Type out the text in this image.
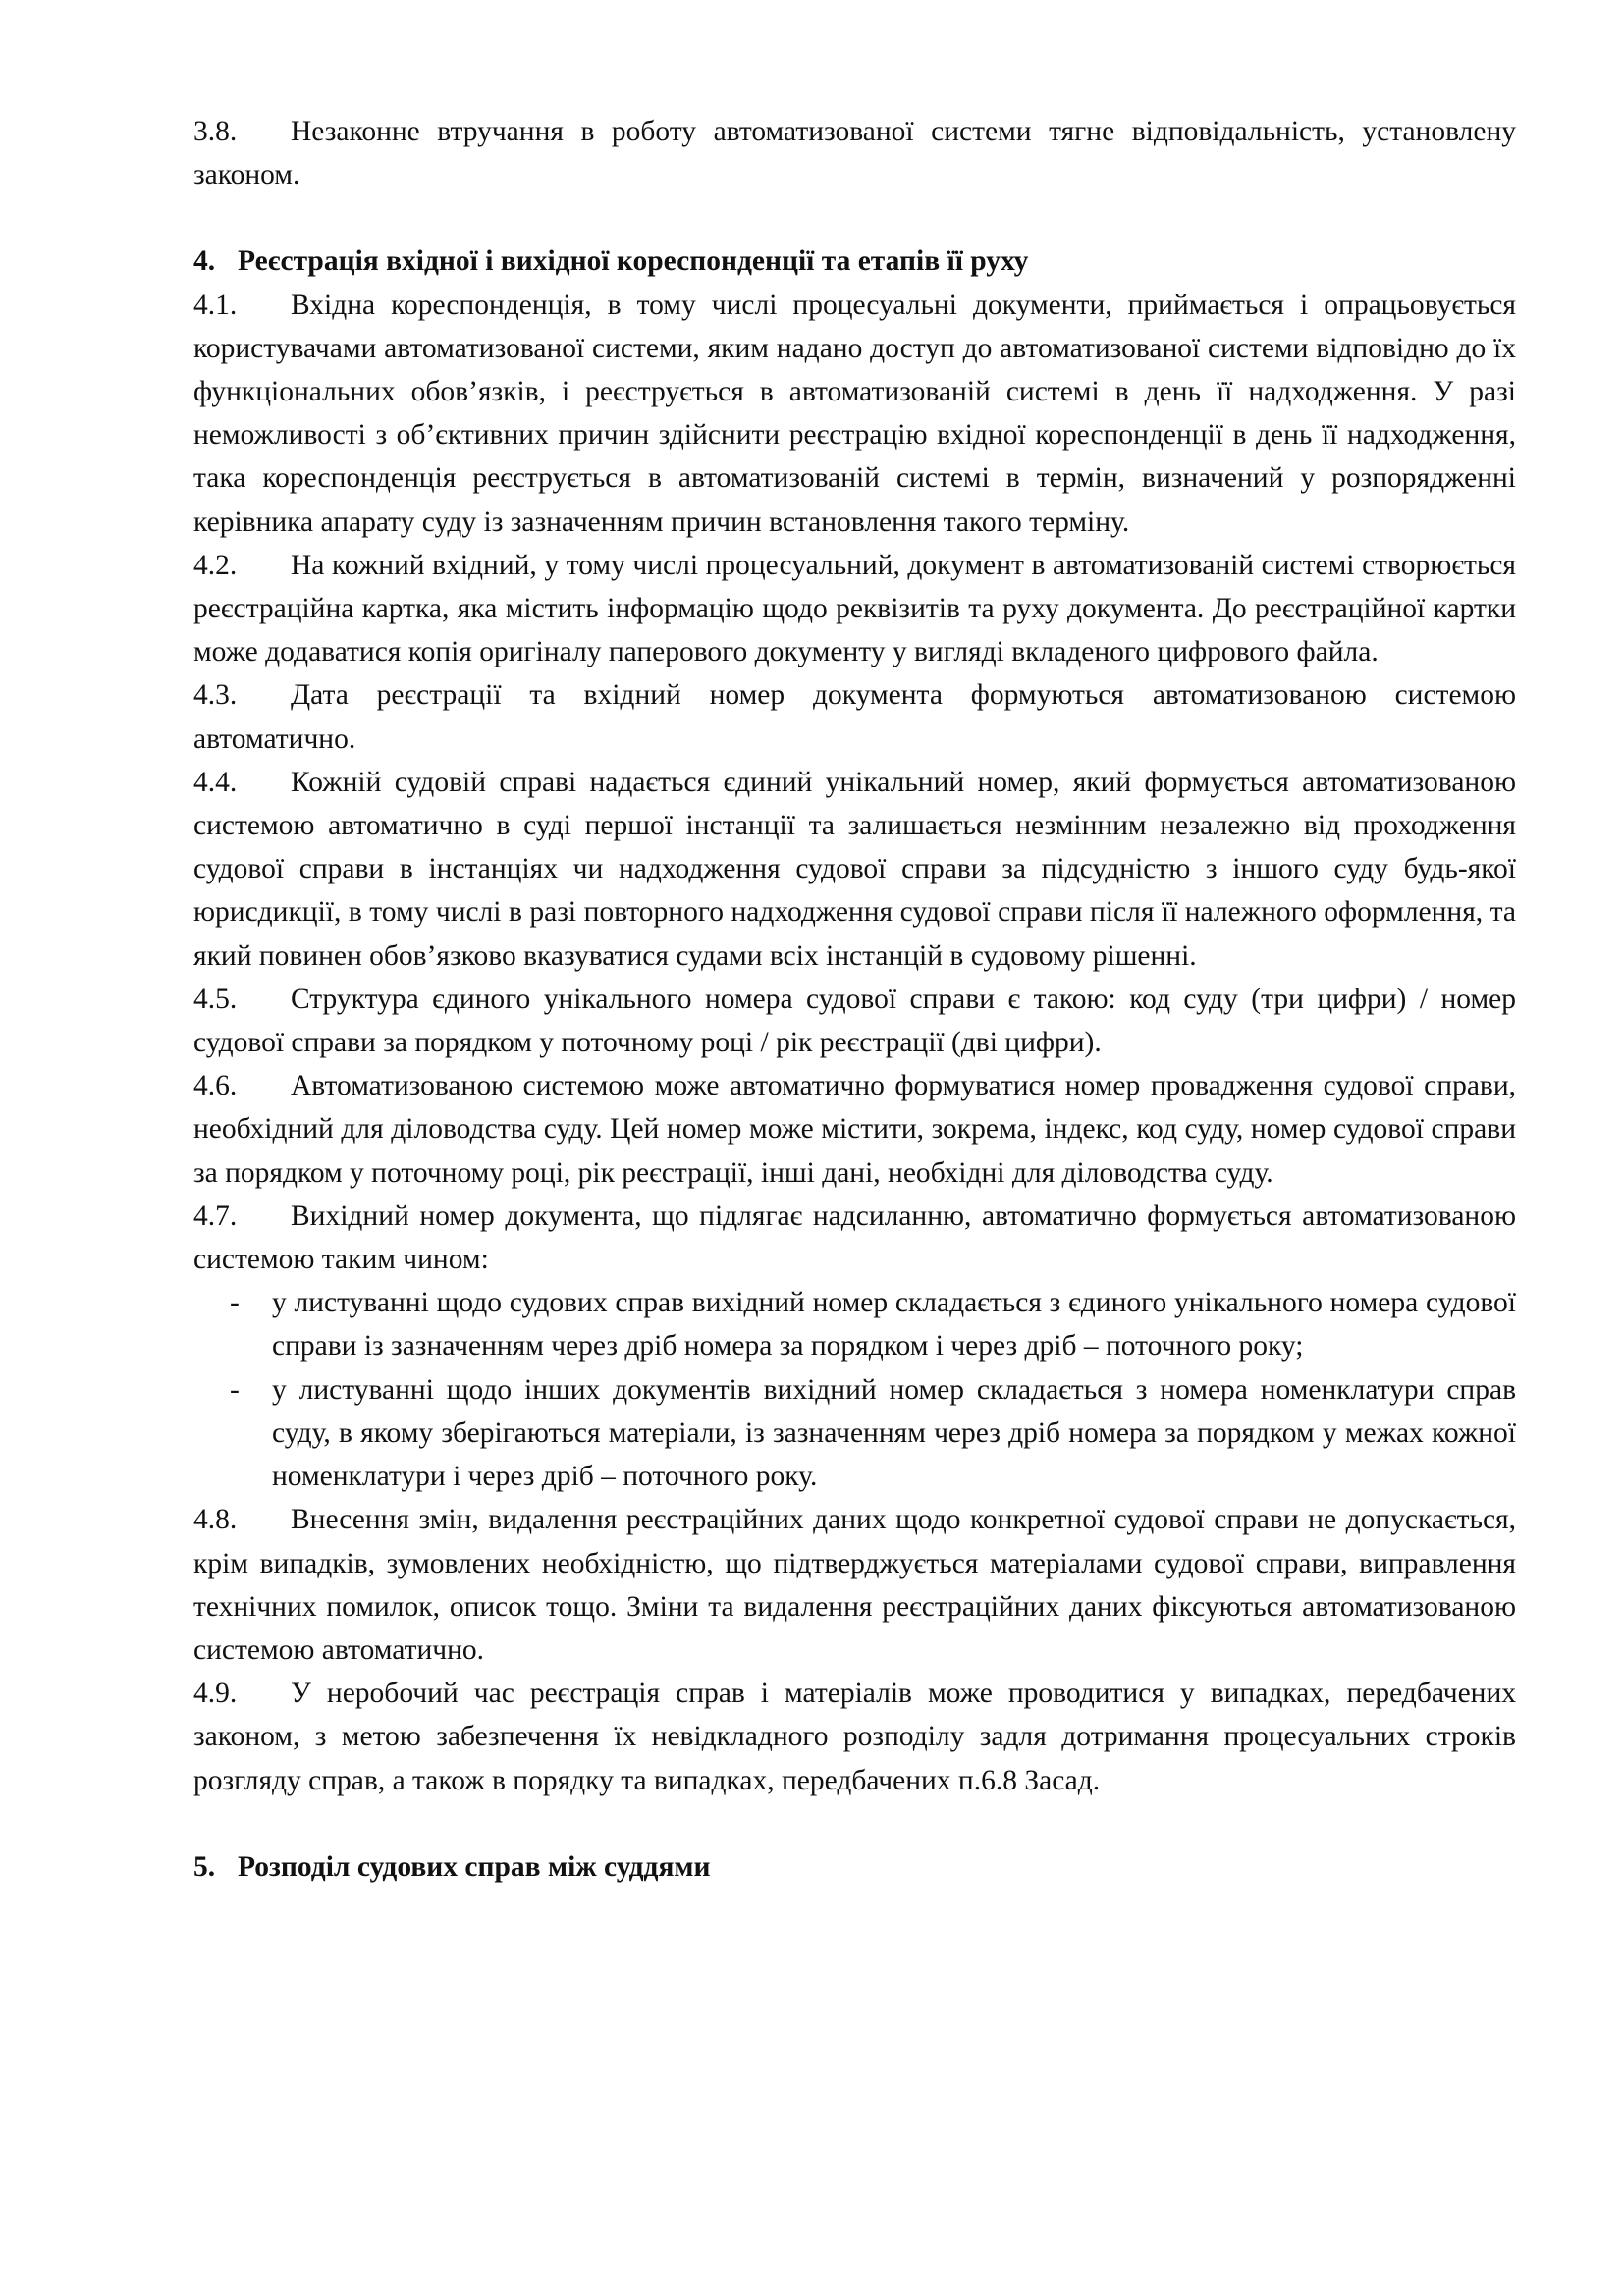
3.8. Незаконне втручання в роботу автоматизованої системи тягне відповідальність, установлену законом.

4. Реєстрація вхідної і вихідної кореспонденції та етапів її руху

4.1. Вхідна кореспонденція, в тому числі процесуальні документи, приймається і опрацьовується користувачами автоматизованої системи, яким надано доступ до автоматизованої системи відповідно до їх функціональних обов’язків, і реєструється в автоматизованій системі в день її надходження. У разі неможливості з об’єктивних причин здійснити реєстрацію вхідної кореспонденції в день її надходження, така кореспонденція реєструється в автоматизованій системі в термін, визначений у розпорядженні керівника апарату суду із зазначенням причин встановлення такого терміну.

4.2. На кожний вхідний, у тому числі процесуальний, документ в автоматизованій системі створюється реєстраційна картка, яка містить інформацію щодо реквізитів та руху документа. До реєстраційної картки може додаватися копія оригіналу паперового документу у вигляді вкладеного цифрового файла.

4.3. Дата реєстрації та вхідний номер документа формуються автоматизованою системою автоматично.

4.4. Кожній судовій справі надається єдиний унікальний номер, який формується автоматизованою системою автоматично в суді першої інстанції та залишається незмінним незалежно від проходження судової справи в інстанціях чи надходження судової справи за підсудністю з іншого суду будь-якої юрисдикції, в тому числі в разі повторного надходження судової справи після її належного оформлення, та який повинен обов’язково вказуватися судами всіх інстанцій в судовому рішенні.

4.5. Структура єдиного унікального номера судової справи є такою: код суду (три цифри) / номер судової справи за порядком у поточному році / рік реєстрації (дві цифри).

4.6. Автоматизованою системою може автоматично формуватися номер провадження судової справи, необхідний для діловодства суду. Цей номер може містити, зокрема, індекс, код суду, номер судової справи за порядком у поточному році, рік реєстрації, інші дані, необхідні для діловодства суду.

4.7. Вихідний номер документа, що підлягає надсиланню, автоматично формується автоматизованою системою таким чином:

- у листуванні щодо судових справ вихідний номер складається з єдиного унікального номера судової справи із зазначенням через дріб номера за порядком і через дріб – поточного року;

- у листуванні щодо інших документів вихідний номер складається з номера номенклатури справ суду, в якому зберігаються матеріали, із зазначенням через дріб номера за порядком у межах кожної номенклатури і через дріб – поточного року.

4.8. Внесення змін, видалення реєстраційних даних щодо конкретної судової справи не допускається, крім випадків, зумовлених необхідністю, що підтверджується матеріалами судової справи, виправлення технічних помилок, описок тощо. Зміни та видалення реєстраційних даних фіксуються автоматизованою системою автоматично.

4.9. У неробочий час реєстрація справ і матеріалів може проводитися у випадках, передбачених законом, з метою забезпечення їх невідкладного розподілу задля дотримання процесуальних строків розгляду справ, а також в порядку та випадках, передбачених п.6.8 Засад.

5. Розподіл судових справ між суддями
